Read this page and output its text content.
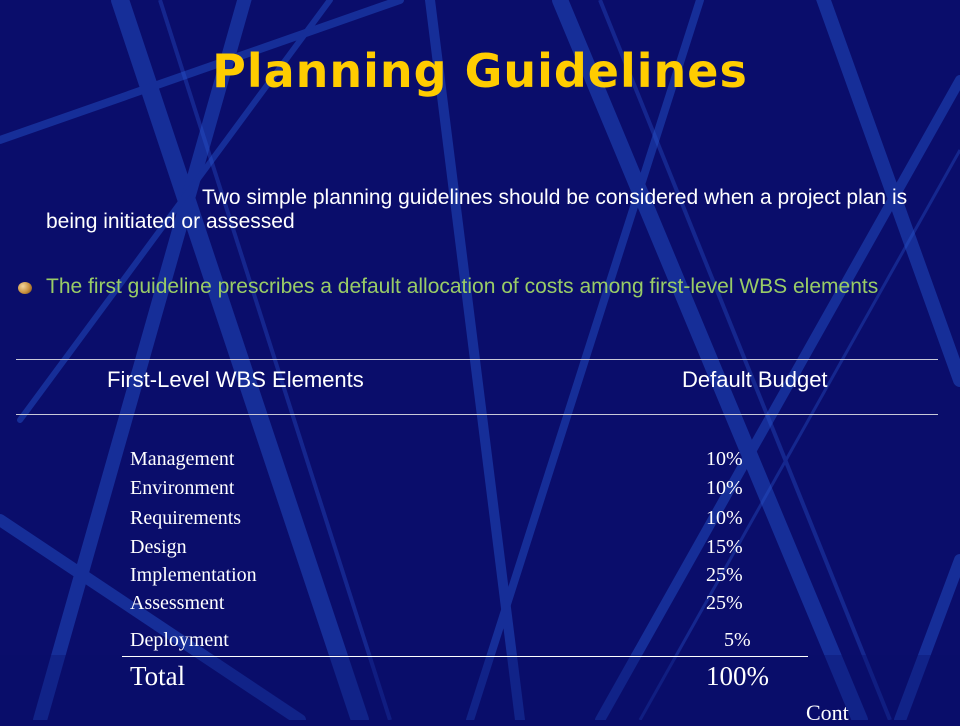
Planning Guidelines
Two simple planning guidelines should be considered when a project plan is being initiated or assessed
The first guideline prescribes a default allocation of costs among first-level WBS elements
First-Level WBS Elements	Default Budget
Management	10%
Environment	10%
Requirements	10%
Design	15%
Implementation	25%
Assessment	25%
Deployment	5%
Total	100%
Cont
